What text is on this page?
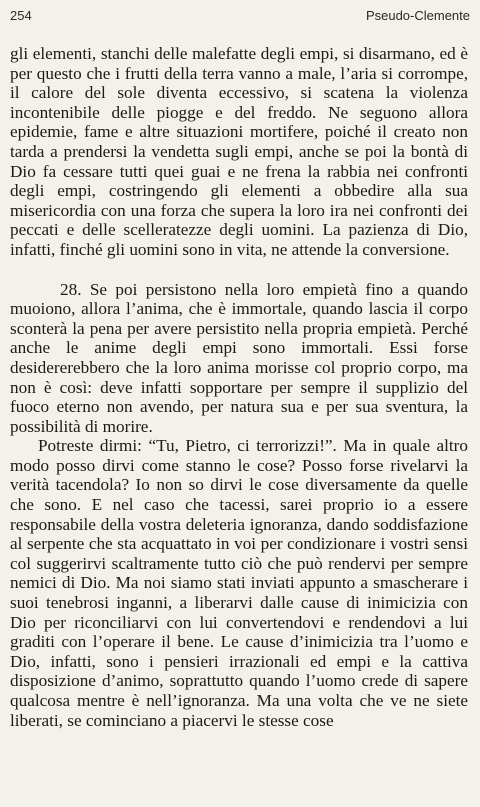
254	Pseudo-Clemente

gli elementi, stanchi delle malefatte degli empi, si disarmano, ed è per questo che i frutti della terra vanno a male, l’aria si corrompe, il calore del sole diventa eccessivo, si scatena la violenza incontenibile delle piogge e del freddo. Ne seguono allora epidemie, fame e altre situazioni mortifere, poiché il creato non tarda a prendersi la vendetta sugli empi, anche se poi la bontà di Dio fa cessare tutti quei guai e ne frena la rabbia nei confronti degli empi, costringendo gli elementi a obbedire alla sua misericordia con una forza che supera la loro ira nei confronti dei peccati e delle scelleratezze degli uomini. La pazienza di Dio, infatti, finché gli uomini sono in vita, ne attende la conversione.

28. Se poi persistono nella loro empietà fino a quando muoiono, allora l’anima, che è immortale, quando lascia il corpo sconterà la pena per avere persistito nella propria empietà. Perché anche le anime degli empi sono immortali. Essi forse desidererebbero che la loro anima morisse col proprio corpo, ma non è così: deve infatti sopportare per sempre il supplizio del fuoco eterno non avendo, per natura sua e per sua sventura, la possibilità di morire.

Potreste dirmi: “Tu, Pietro, ci terrorizzi!”. Ma in quale altro modo posso dirvi come stanno le cose? Posso forse rivelarvi la verità tacendola? Io non so dirvi le cose diversamente da quelle che sono. E nel caso che tacessi, sarei proprio io a essere responsabile della vostra deleteria ignoranza, dando soddisfazione al serpente che sta acquattato in voi per condizionare i vostri sensi col suggerirvi scaltramente tutto ciò che può rendervi per sempre nemici di Dio. Ma noi siamo stati inviati appunto a smascherare i suoi tenebrosi inganni, a liberarvi dalle cause di inimicizia con Dio per riconciliarvi con lui convertendovi e rendendovi a lui graditi con l’operare il bene. Le cause d’inimicizia tra l’uomo e Dio, infatti, sono i pensieri irrazionali ed empi e la cattiva disposizione d’animo, soprattutto quando l’uomo crede di sapere qualcosa mentre è nell’ignoranza. Ma una volta che ve ne siete liberati, se cominciano a piacervi le stesse cose
